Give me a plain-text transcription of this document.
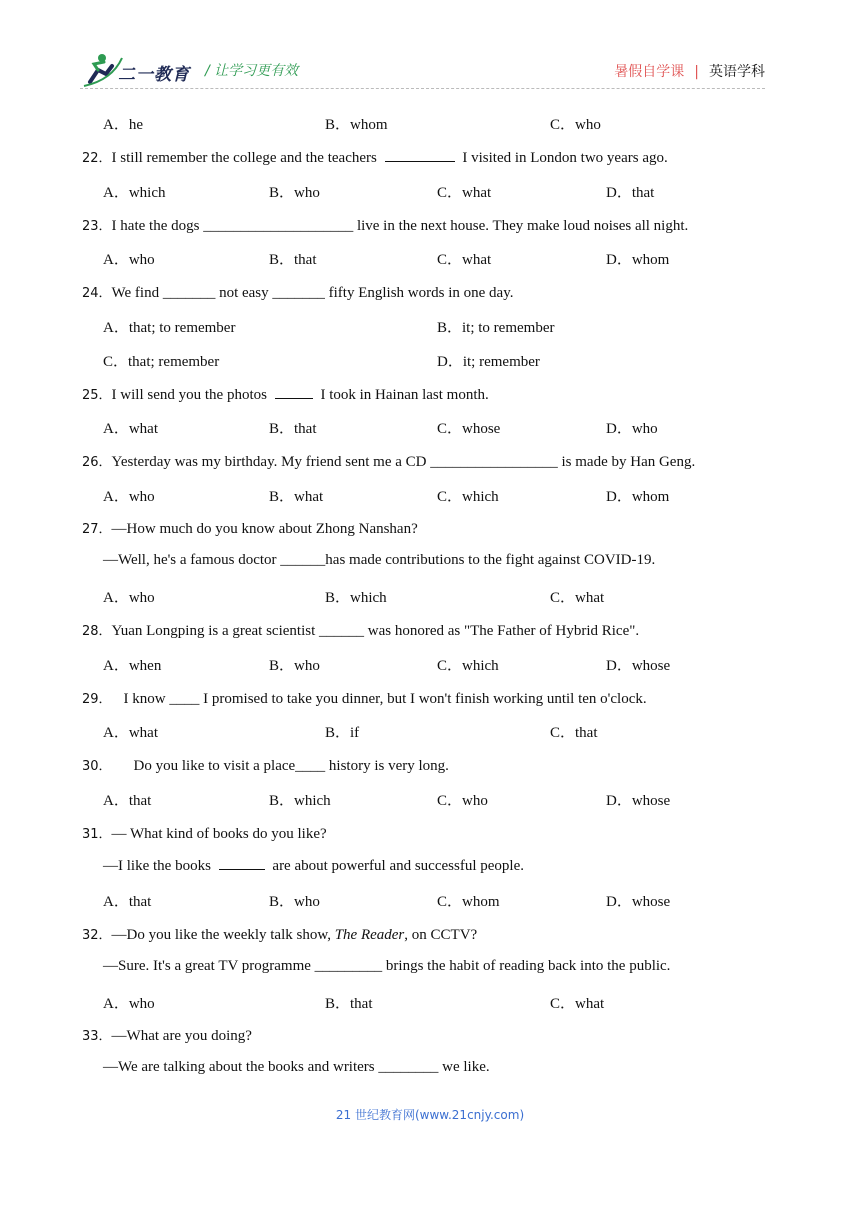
二一教育 / 让学习更有效	暑假自学课 | 英语学科
A．he	B．whom	C．who
22．I still remember the college and the teachers	I visited in London two years ago.
A．which	B．who	C．what	D．that
23．I hate the dogs ____________________ live in the next house. They make loud noises all night.
A．who	B．that	C．what	D．whom
24．We find _______ not easy _______ fifty English words in one day.
A．that; to remember	B．it; to remember
C．that; remember	D．it; remember
25．I will send you the photos	I took in Hainan last month.
A．what	B．that	C．whose	D．who
26．Yesterday was my birthday. My friend sent me a CD _________________ is made by Han Geng.
A．who	B．what	C．which	D．whom
27．—How much do you know about Zhong Nanshan?
—Well, he's a famous doctor ______has made contributions to the fight against COVID-19.
A．who	B．which	C．what
28．Yuan Longping is a great scientist ______ was honored as "The Father of Hybrid Rice".
A．when	B．who	C．which	D．whose
29． I know ____ I promised to take you dinner, but I won't finish working until ten o'clock.
A．what	B．if	C．that
30． Do you like to visit a place____ history is very long.
A．that	B．which	C．who	D．whose
31．— What kind of books do you like?
—I like the books	are about powerful and successful people.
A．that	B．who	C．whom	D．whose
32．—Do you like the weekly talk show, The Reader, on CCTV?
—Sure. It's a great TV programme _________ brings the habit of reading back into the public.
A．who	B．that	C．what
33．—What are you doing?
—We are talking about the books and writers ________ we like.
21 世纪教育网(www.21cnjy.com)
